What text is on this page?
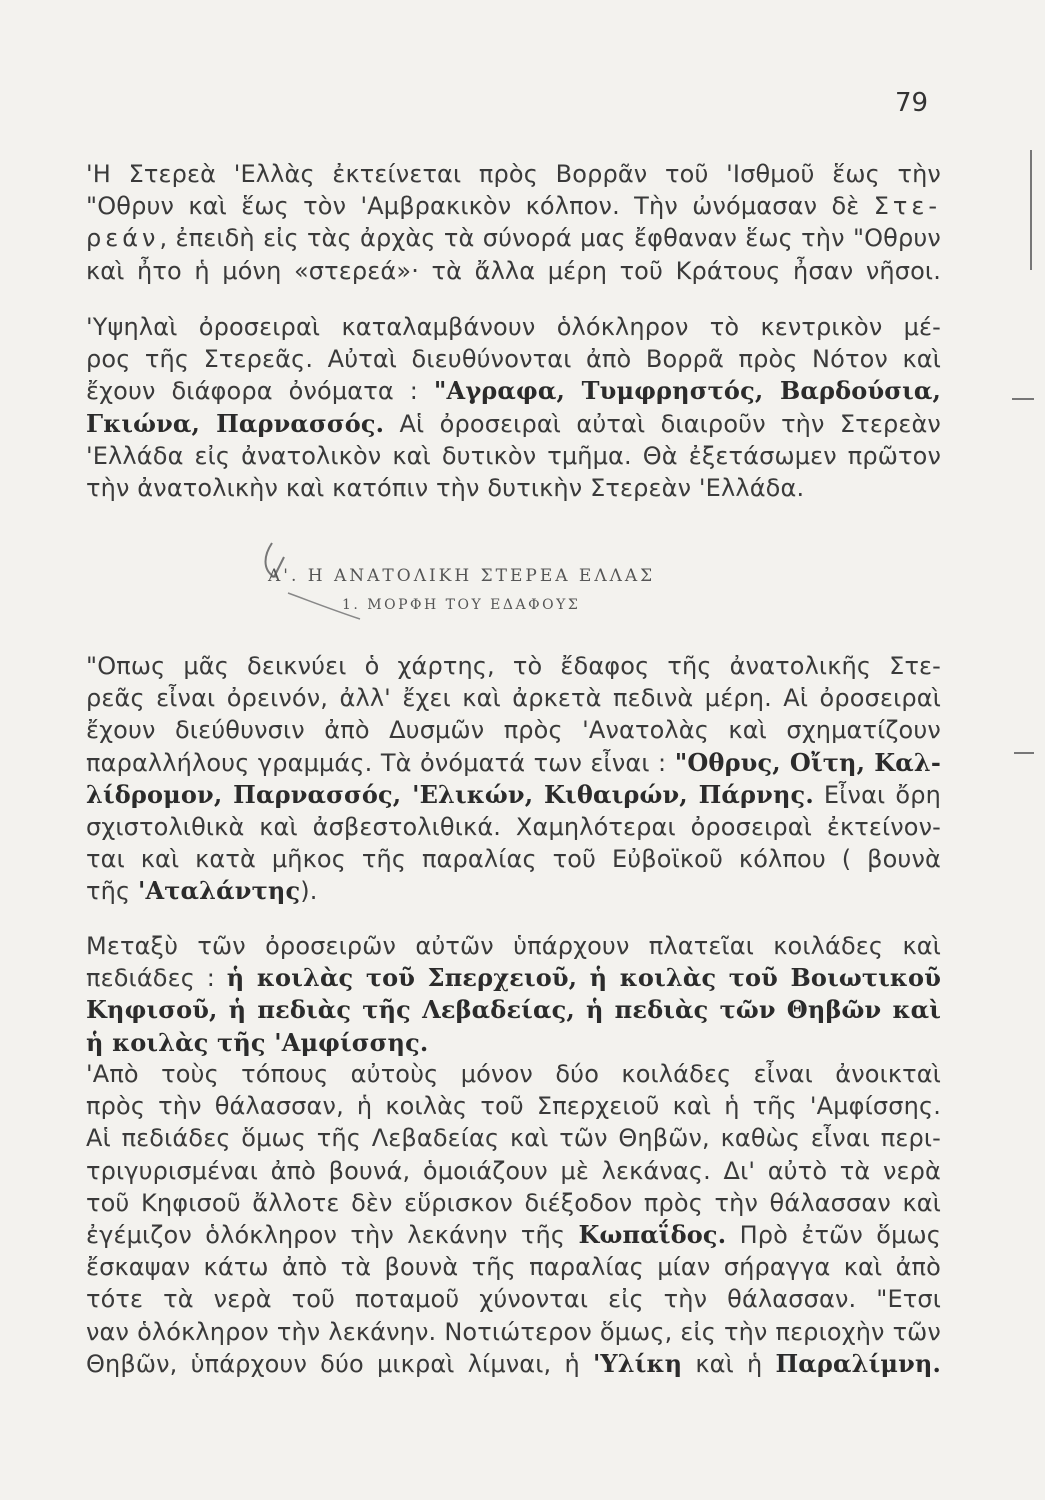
79
'Η Στερεὰ 'Ελλὰς ἐκτείνεται πρὸς Βορρᾶν τοῦ 'Ισθμοῦ ἕως τὴν
"Οθρυν καὶ ἕως τὸν 'Αμβρακικὸν κόλπον. Τὴν ὠνόμασαν δὲ Στε-
ρεάν, ἐπειδὴ εἰς τὰς ἀρχὰς τὰ σύνορά μας ἔφθαναν ἕως τὴν "Οθρυν
καὶ ἦτο ἡ μόνη «στερεά»· τὰ ἄλλα μέρη τοῦ Κράτους ἦσαν νῆσοι.
'Υψηλαὶ ὀροσειραὶ καταλαμβάνουν ὁλόκληρον τὸ κεντρικὸν μέ-
ρος τῆς Στερεᾶς. Αὐταὶ διευθύνονται ἀπὸ Βορρᾶ πρὸς Νότον καὶ
ἔχουν διάφορα ὀνόματα : "Αγραφα, Τυμφρηστός, Βαρδούσια,
Γκιώνα, Παρνασσός. Αἱ ὀροσειραὶ αὐταὶ διαιροῦν τὴν Στερεὰν
'Ελλάδα εἰς ἀνατολικὸν καὶ δυτικὸν τμῆμα. Θὰ ἐξετάσωμεν πρῶτον
τὴν ἀνατολικὴν καὶ κατόπιν τὴν δυτικὴν Στερεὰν 'Ελλάδα.
Α'. Η ΑΝΑΤΟΛΙΚΗ ΣΤΕΡΕΑ ΕΛΛΑΣ
1. ΜΟΡΦΗ ΤΟΥ ΕΔΑΦΟΥΣ
"Οπως μᾶς δεικνύει ὁ χάρτης, τὸ ἔδαφος τῆς ἀνατολικῆς Στε-
ρεᾶς εἶναι ὀρεινόν, ἀλλ' ἔχει καὶ ἀρκετὰ πεδινὰ μέρη. Αἱ ὀροσειραὶ
ἔχουν διεύθυνσιν ἀπὸ Δυσμῶν πρὸς 'Ανατολὰς καὶ σχηματίζουν
παραλλήλους γραμμάς. Τὰ ὀνόματά των εἶναι : "Οθρυς, Οἴτη, Καλ-
λίδρομον, Παρνασσός, 'Ελικών, Κιθαιρών, Πάρνης. Εἶναι ὄρη
σχιστολιθικὰ καὶ ἀσβεστολιθικά. Χαμηλότεραι ὀροσειραὶ ἐκτείνον-
ται καὶ κατὰ μῆκος τῆς παραλίας τοῦ Εὐβοϊκοῦ κόλπου ( βουνὰ
τῆς 'Αταλάντης).
Μεταξὺ τῶν ὀροσειρῶν αὐτῶν ὑπάρχουν πλατεῖαι κοιλάδες καὶ
πεδιάδες : ἡ κοιλὰς τοῦ Σπερχειοῦ, ἡ κοιλὰς τοῦ Βοιωτικοῦ
Κηφισοῦ, ἡ πεδιὰς τῆς Λεβαδείας, ἡ πεδιὰς τῶν Θηβῶν καὶ
ἡ κοιλὰς τῆς 'Αμφίσσης.
'Απὸ τοὺς τόπους αὐτοὺς μόνον δύο κοιλάδες εἶναι ἀνοικταὶ
πρὸς τὴν θάλασσαν, ἡ κοιλὰς τοῦ Σπερχειοῦ καὶ ἡ τῆς 'Αμφίσσης.
Αἱ πεδιάδες ὅμως τῆς Λεβαδείας καὶ τῶν Θηβῶν, καθὼς εἶναι περι-
τριγυρισμέναι ἀπὸ βουνά, ὁμοιάζουν μὲ λεκάνας. Δι' αὐτὸ τὰ νερὰ
τοῦ Κηφισοῦ ἄλλοτε δὲν εὕρισκον διέξοδον πρὸς τὴν θάλασσαν καὶ
ἐγέμιζον ὁλόκληρον τὴν λεκάνην τῆς Κωπαΐδος. Πρὸ ἐτῶν ὅμως
ἔσκαψαν κάτω ἀπὸ τὰ βουνὰ τῆς παραλίας μίαν σήραγγα καὶ ἀπὸ
τότε τὰ νερὰ τοῦ ποταμοῦ χύνονται εἰς τὴν θάλασσαν. "Ετσι
ναν ὁλόκληρον τὴν λεκάνην. Νοτιώτερον ὅμως, εἰς τὴν περιοχὴν τῶν
Θηβῶν, ὑπάρχουν δύο μικραὶ λίμναι, ἡ 'Υλίκη καὶ ἡ Παραλίμνη.
